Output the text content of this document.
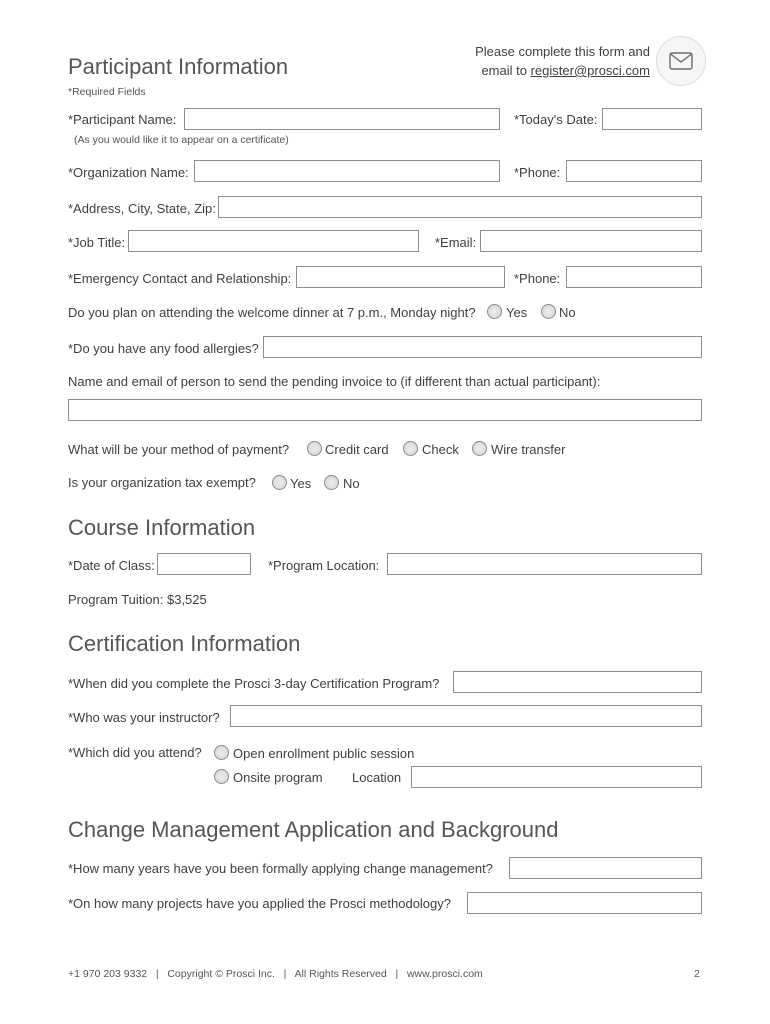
Participant Information
*Required Fields
Please complete this form and
email to register@prosci.com
*Participant Name:
(As you would like it to appear on a certificate)
*Today's Date:
*Organization Name:	*Phone:
*Address, City, State, Zip:
*Job Title:	*Email:
*Emergency Contact and Relationship:	*Phone:
Do you plan on attending the welcome dinner at 7 p.m., Monday night? Yes No
*Do you have any food allergies?
Name and email of person to send the pending invoice to (if different than actual participant):
What will be your method of payment?	Credit card	Check Wire transfer
Is your organization tax exempt?	Yes No
Course Information
*Date of Class:	*Program Location:
Program Tuition: $3,525
Certification Information
*When did you complete the Prosci 3-day Certification Program?
*Who was your instructor?
*Which did you attend? Open enrollment public session
Onsite program Location
Change Management Application and Background
*How many years have you been formally applying change management?
*On how many projects have you applied the Prosci methodology?
+1 970 203 9332   |   Copyright © Prosci Inc.   |   All Rights Reserved   |   www.prosci.com	2
